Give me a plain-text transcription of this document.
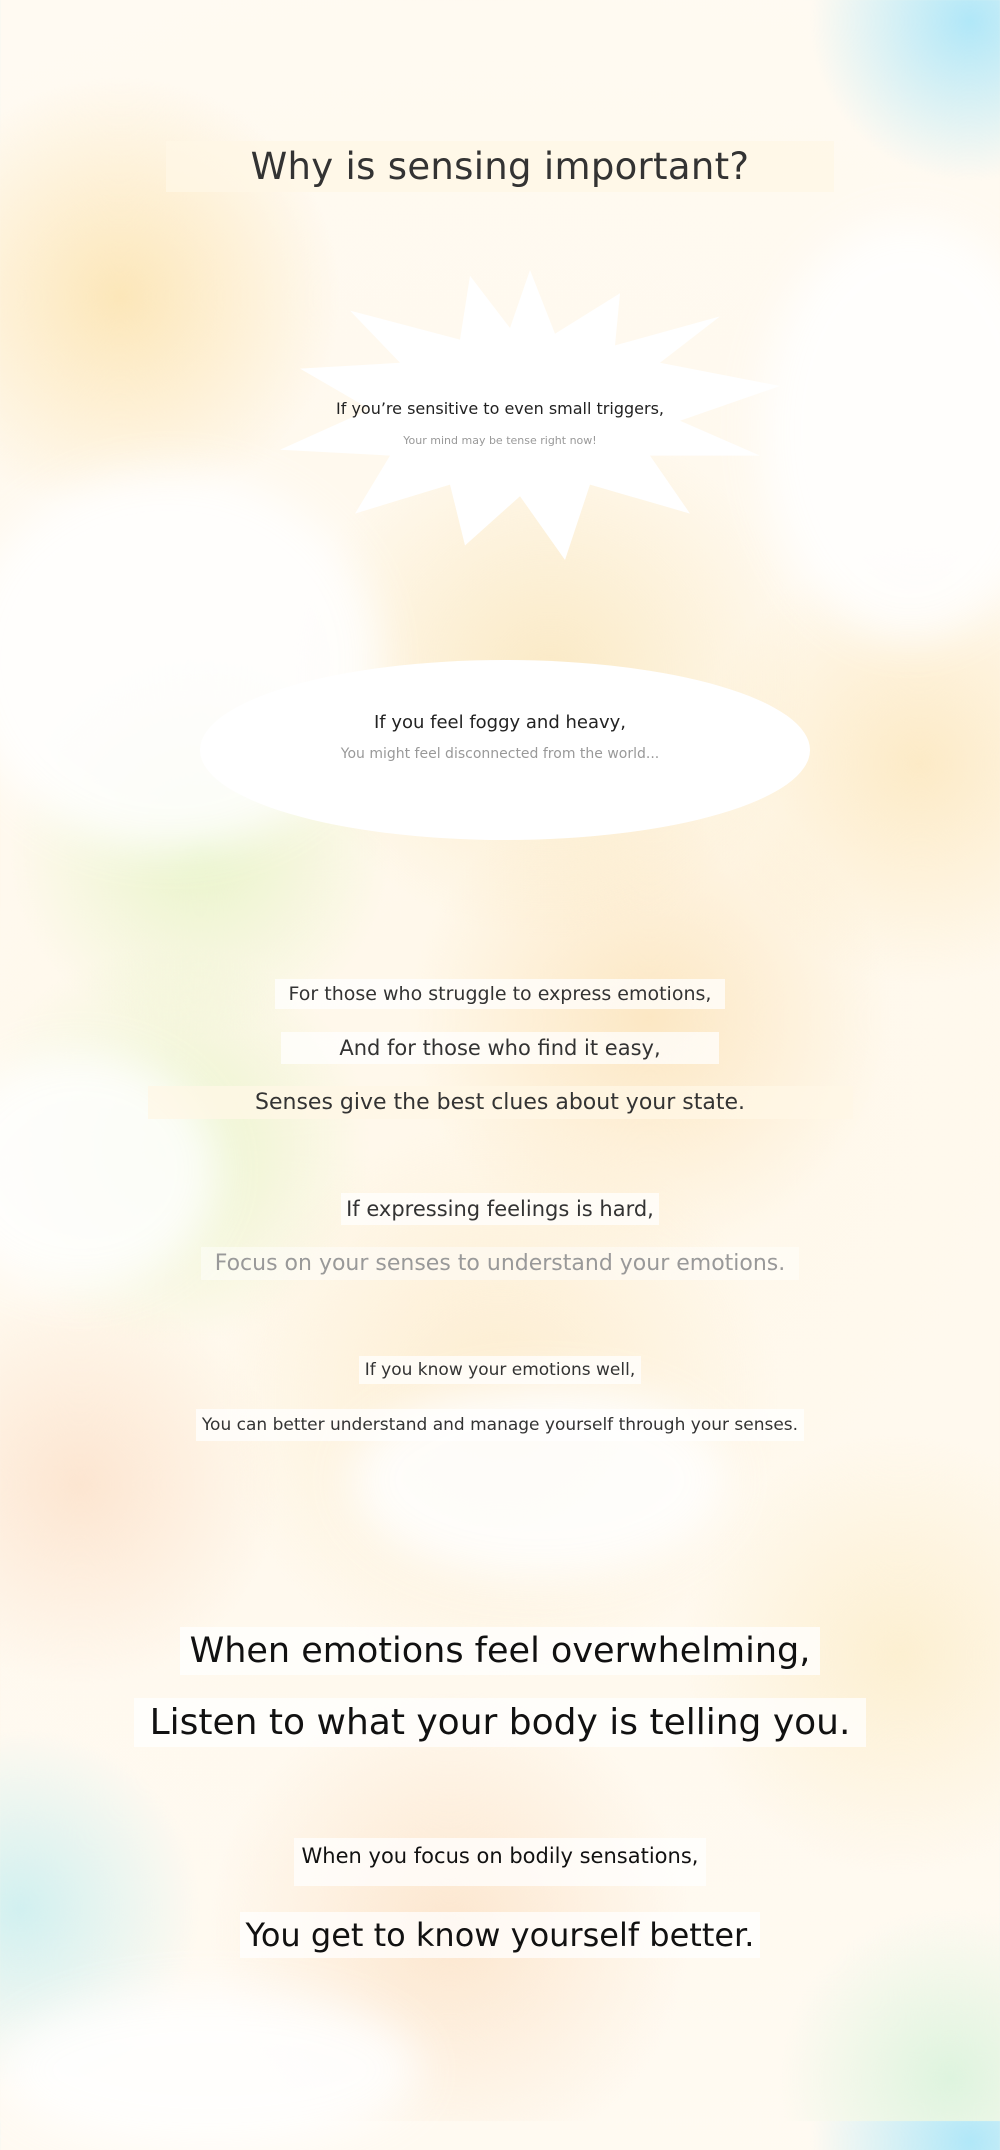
Why is sensing important?
If you’re sensitive to even small triggers,
Your mind may be tense right now!
If you feel foggy and heavy,
You might feel disconnected from the world...
For those who struggle to express emotions,
And for those who find it easy,
Senses give the best clues about your state.
If expressing feelings is hard,
Focus on your senses to understand your emotions.
If you know your emotions well,
You can better understand and manage yourself through your senses.
When emotions feel overwhelming,
Listen to what your body is telling you.
When you focus on bodily sensations,
You get to know yourself better.
